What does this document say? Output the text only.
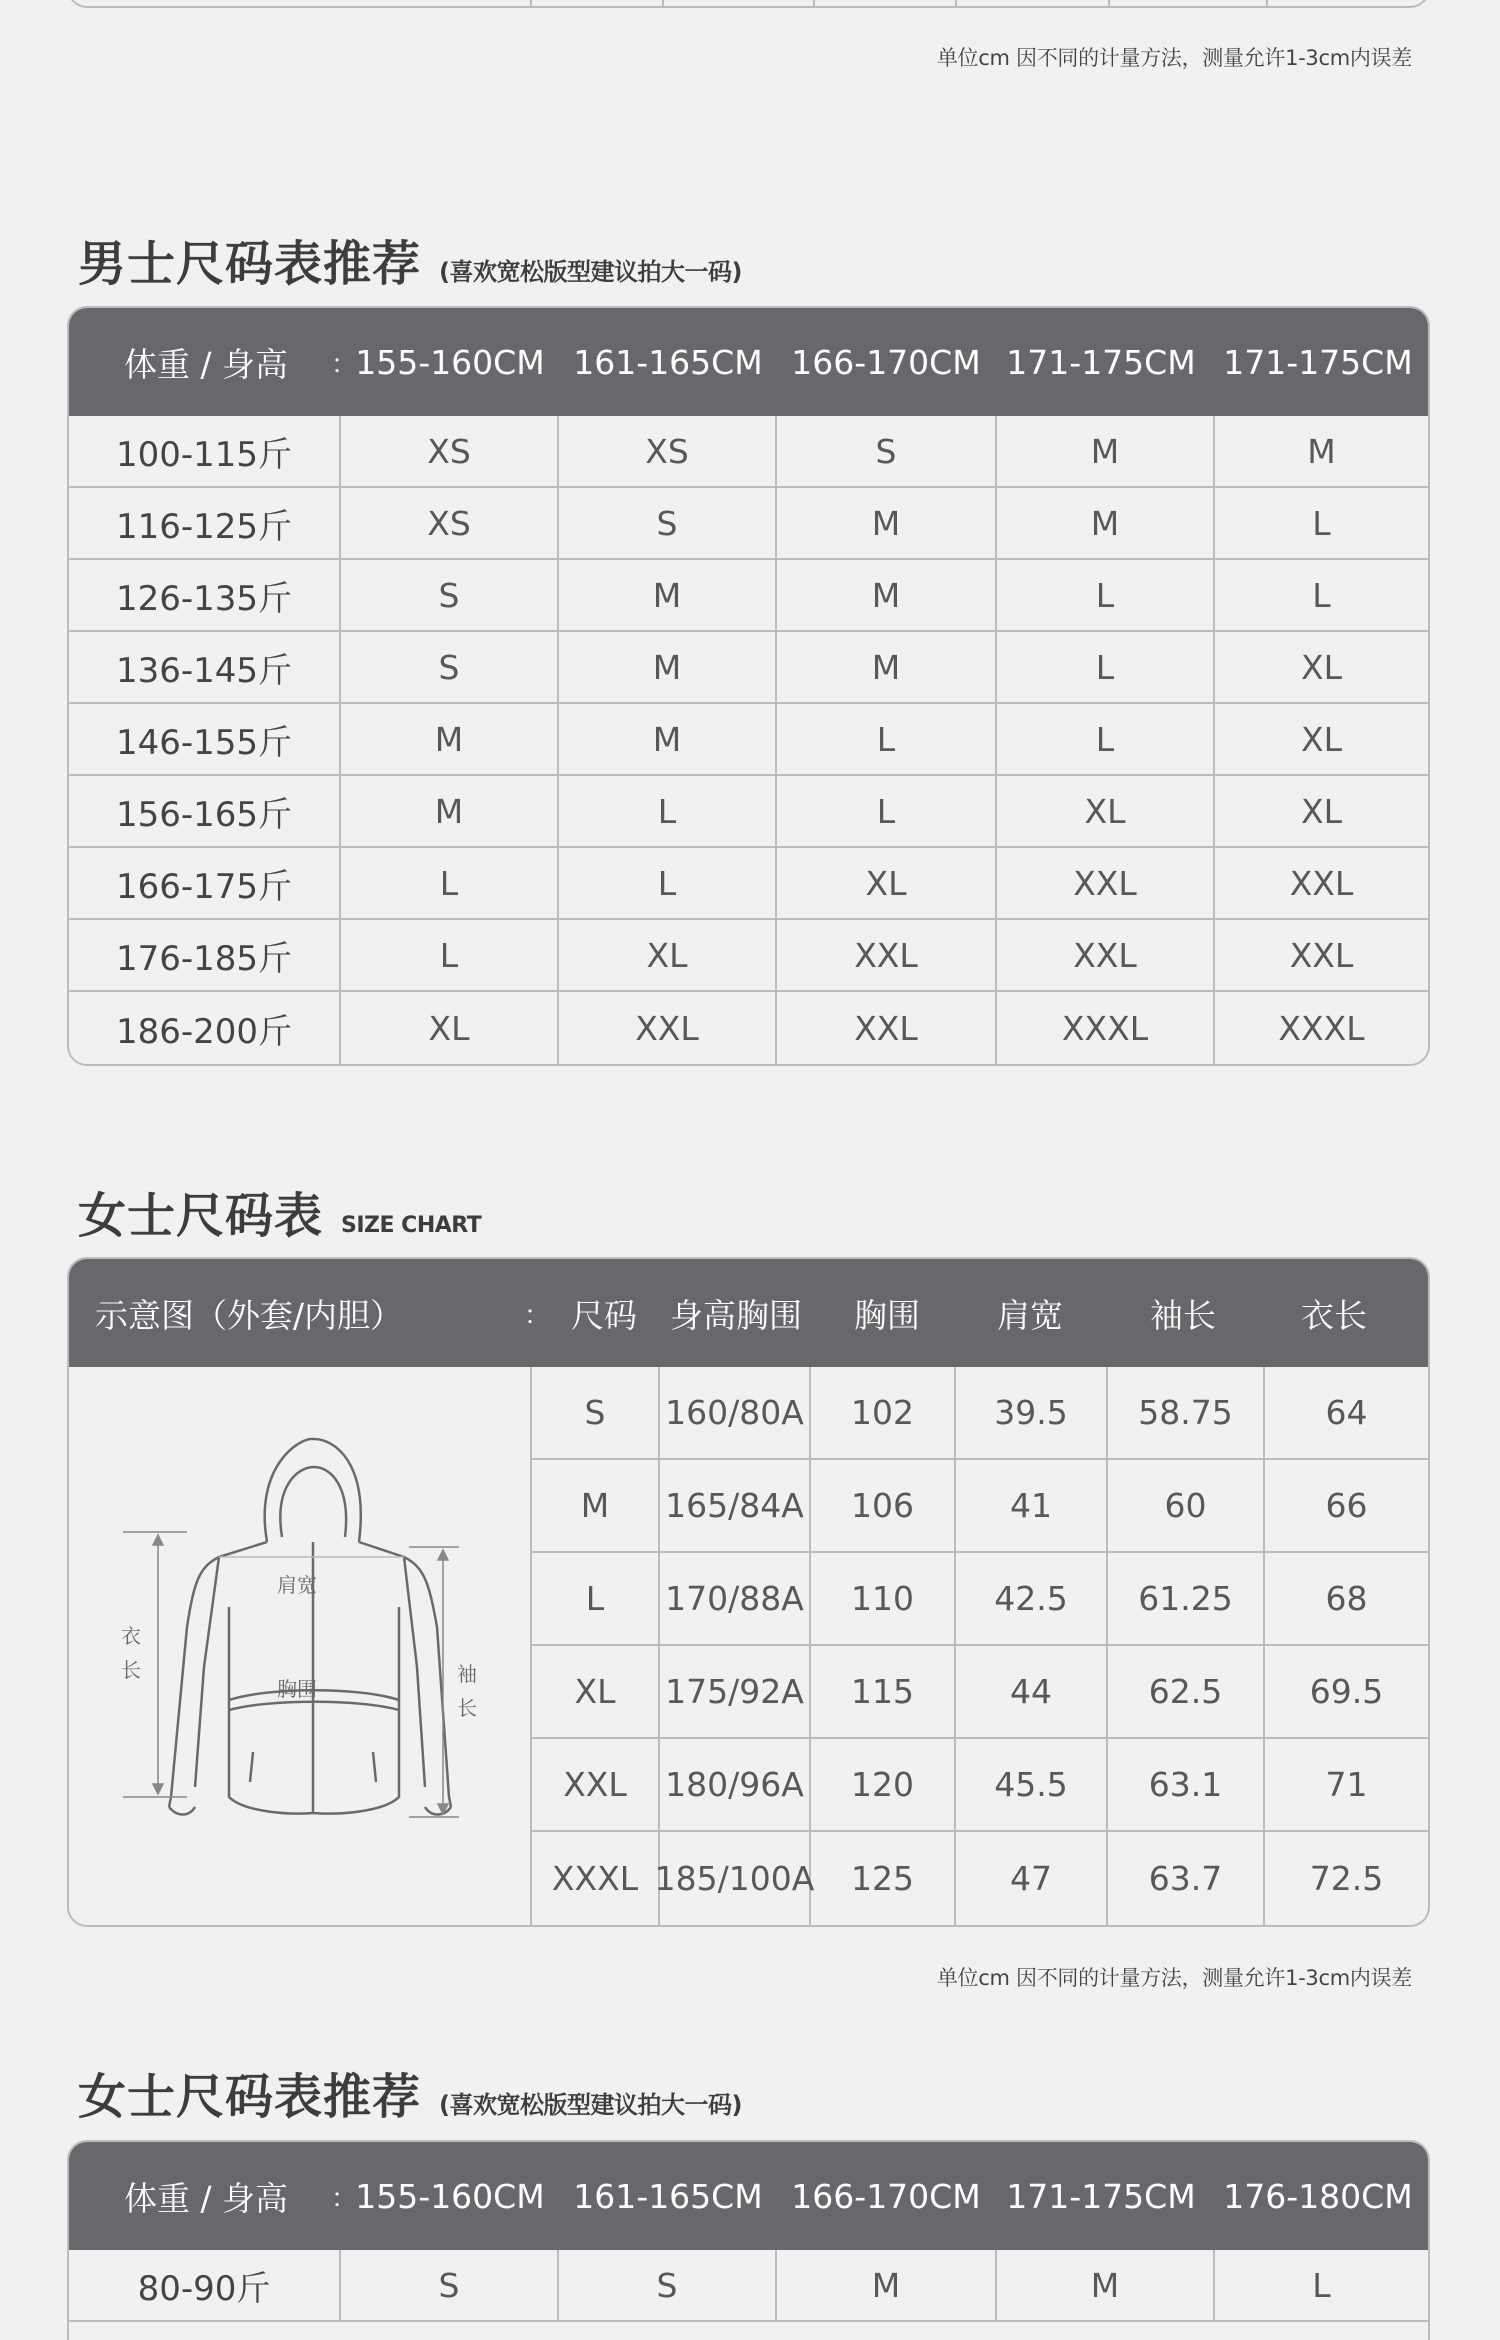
单位cm 因不同的计量方法，测量允许1-3cm内误差
男士尺码表推荐 (喜欢宽松版型建议拍大一码)
体重 / 身高 ：
155-160CM 161-165CM 166-170CM 171-175CM 171-175CM
100-115斤	XS	XS	S	M	M
116-125斤	XS	S	M	M	L
126-135斤	S	M	M	L	L
136-145斤	S	M	M	L	XL
146-155斤	M	M	L	L	XL
156-165斤	M	L	L	XL	XL
166-175斤	L	L	XL	XXL	XXL
176-185斤	L	XL	XXL	XXL	XXL
186-200斤	XL	XXL	XXL	XXXL	XXXL
女士尺码表 SIZE CHART
示意图（外套/内胆）	： 尺码 身高胸围 胸围 肩宽	袖长	衣长
肩宽
胸围
衣
长	袖
长
S	160/80A	102	39.5	58.75	64
M	165/84A	106	41	60	66
L	170/88A	110	42.5	61.25	68
XL	175/92A	115	44	62.5	69.5
XXL	180/96A	120	45.5	63.1	71
XXXL 185/100A	125	47	63.7	72.5
单位cm 因不同的计量方法，测量允许1-3cm内误差
女士尺码表推荐 (喜欢宽松版型建议拍大一码)
体重 / 身高 ：
155-160CM 161-165CM 166-170CM 171-175CM 176-180CM
80-90斤	S	S	M	M	L
